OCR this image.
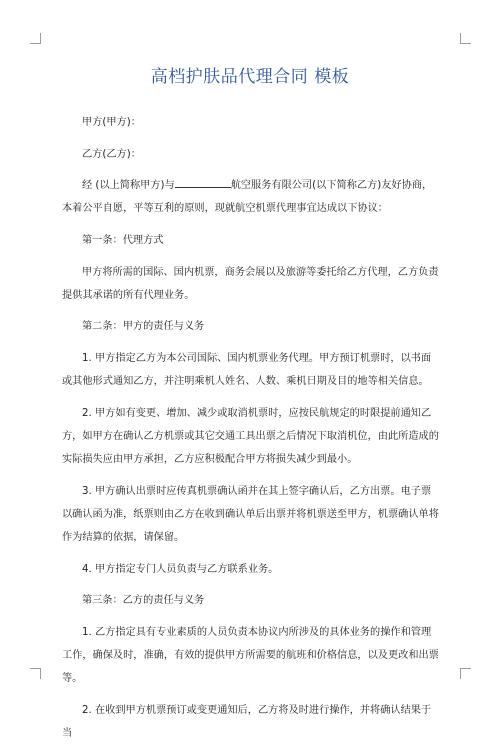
高档护肤品代理合同 模板

甲方(甲方)：

乙方(乙方)：

经 (以上简称甲方)与	航空服务有限公司(以下简称乙方)友好协商，本着公平自愿，平等互利的原则，现就航空机票代理事宜达成以下协议：

第一条：代理方式

甲方将所需的国际、国内机票，商务会展以及旅游等委托给乙方代理，乙方负责提供其承诺的所有代理业务。

第二条：甲方的责任与义务

1. 甲方指定乙方为本公司国际、国内机票业务代理。甲方预订机票时，以书面或其他形式通知乙方，并注明乘机人姓名、人数、乘机日期及目的地等相关信息。

2. 甲方如有变更、增加、减少或取消机票时，应按民航规定的时限提前通知乙方，如甲方在确认乙方机票或其它交通工具出票之后情况下取消机位，由此所造成的实际损失应由甲方承担，乙方应积极配合甲方将损失减少到最小。

3. 甲方确认出票时应传真机票确认函并在其上签字确认后，乙方出票。电子票以确认函为准，纸票则由乙方在收到确认单后出票并将机票送至甲方，机票确认单将作为结算的依据，请保留。

4. 甲方指定专门人员负责与乙方联系业务。

第三条：乙方的责任与义务

1. 乙方指定具有专业素质的人员负责本协议内所涉及的具体业务的操作和管理工作，确保及时，准确，有效的提供甲方所需要的航班和价格信息，以及更改和出票等。

2. 在收到甲方机票预订或变更通知后，乙方将及时进行操作，并将确认结果于当
